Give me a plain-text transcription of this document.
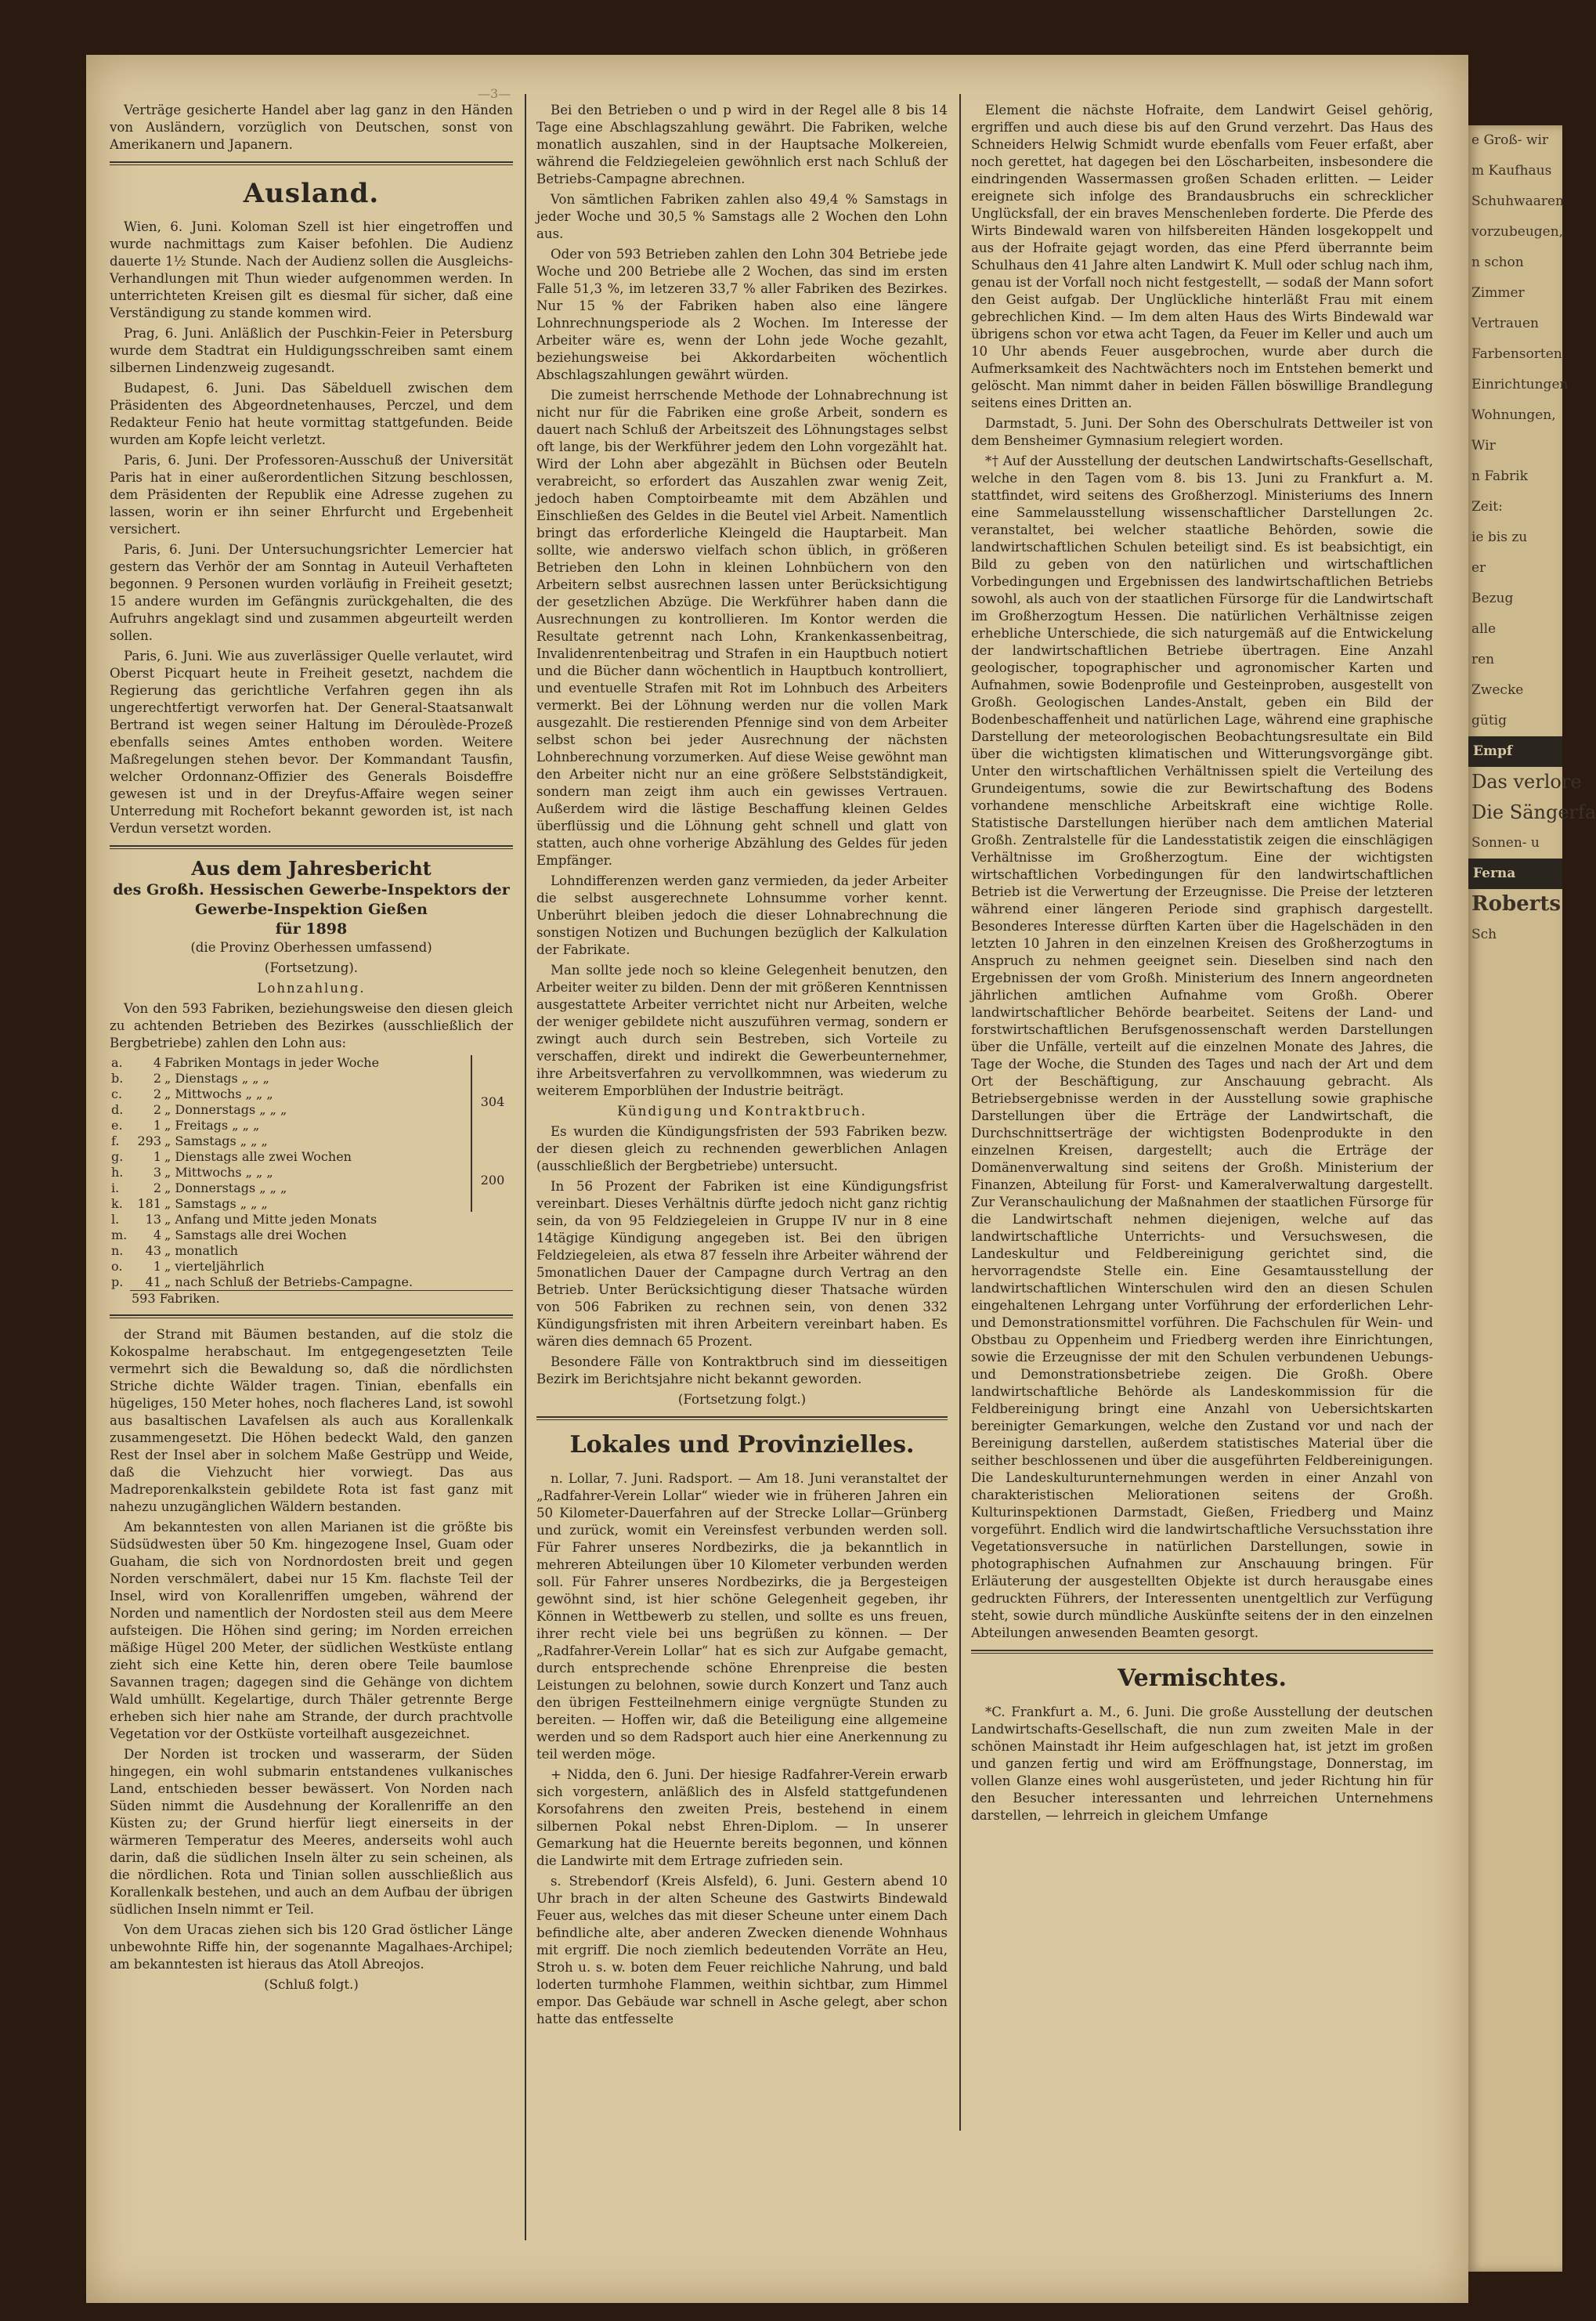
—3—

Verträge gesicherte Handel aber lag ganz in den Händen von Ausländern, vorzüglich von Deutschen, sonst von Amerikanern und Japanern.

Ausland.

Wien, 6. Juni. Koloman Szell ist hier eingetroffen und wurde nachmittags zum Kaiser befohlen. Die Audienz dauerte 1½ Stunde. Nach der Audienz sollen die Ausgleichs-Verhandlungen mit Thun wieder aufgenommen werden. In unterrichteten Kreisen gilt es diesmal für sicher, daß eine Verständigung zu stande kommen wird.

Prag, 6. Juni. Anläßlich der Puschkin-Feier in Petersburg wurde dem Stadtrat ein Huldigungsschreiben samt einem silbernen Lindenzweig zugesandt.

Budapest, 6. Juni. Das Säbelduell zwischen dem Präsidenten des Abgeordnetenhauses, Perczel, und dem Redakteur Fenio hat heute vormittag stattgefunden. Beide wurden am Kopfe leicht verletzt.

Paris, 6. Juni. Der Professoren-Ausschuß der Universität Paris hat in einer außerordentlichen Sitzung beschlossen, dem Präsidenten der Republik eine Adresse zugehen zu lassen, worin er ihn seiner Ehrfurcht und Ergebenheit versichert.

Paris, 6. Juni. Der Untersuchungsrichter Lemercier hat gestern das Verhör der am Sonntag in Auteuil Verhafteten begonnen. 9 Personen wurden vorläufig in Freiheit gesetzt; 15 andere wurden im Gefängnis zurückgehalten, die des Aufruhrs angeklagt sind und zusammen abgeurteilt werden sollen.

Paris, 6. Juni. Wie aus zuverlässiger Quelle verlautet, wird Oberst Picquart heute in Freiheit gesetzt, nachdem die Regierung das gerichtliche Verfahren gegen ihn als ungerechtfertigt verworfen hat. Der General-Staatsanwalt Bertrand ist wegen seiner Haltung im Déroulède-Prozeß ebenfalls seines Amtes enthoben worden. Weitere Maßregelungen stehen bevor. Der Kommandant Tausfin, welcher Ordonnanz-Offizier des Generals Boisdeffre gewesen ist und in der Dreyfus-Affaire wegen seiner Unterredung mit Rochefort bekannt geworden ist, ist nach Verdun versetzt worden.

Aus dem Jahresbericht
des Großh. Hessischen Gewerbe-Inspektors der Gewerbe-Inspektion Gießen
für 1898

(die Provinz Oberhessen umfassend)

(Fortsetzung).

Lohnzahlung.

Von den 593 Fabriken, beziehungsweise den diesen gleich zu achtenden Betrieben des Bezirkes (ausschließlich der Bergbetriebe) zahlen den Lohn aus:

a.	4	Fabriken Montags in jeder Woche	304
b.	2	„ Dienstags „ „ „	
c.	2	„ Mittwochs „ „ „	
d.	2	„ Donnerstags „ „ „	
e.	1	„ Freitags „ „ „	
f.	293	„ Samstags „ „ „	
g.	1	„ Dienstags alle zwei Wochen	200
h.	3	„ Mittwochs „ „ „	
i.	2	„ Donnerstags „ „ „	
k.	181	„ Samstags „ „ „	
l.	13	„ Anfang und Mitte jeden Monats	
m.	4	„ Samstags alle drei Wochen	
n.	43	„ monatlich	
o.	1	„ vierteljährlich	
p.	41	„ nach Schluß der Betriebs-Campagne.	
	593 Fabriken.		

der Strand mit Bäumen bestanden, auf die stolz die Kokospalme herabschaut. Im entgegengesetzten Teile vermehrt sich die Bewaldung so, daß die nördlichsten Striche dichte Wälder tragen. Tinian, ebenfalls ein hügeliges, 150 Meter hohes, noch flacheres Land, ist sowohl aus basaltischen Lavafelsen als auch aus Korallenkalk zusammengesetzt. Die Höhen bedeckt Wald, den ganzen Rest der Insel aber in solchem Maße Gestrüpp und Weide, daß die Viehzucht hier vorwiegt. Das aus Madreporenkalkstein gebildete Rota ist fast ganz mit nahezu unzugänglichen Wäldern bestanden.

Am bekanntesten von allen Marianen ist die größte bis Südsüdwesten über 50 Km. hingezogene Insel, Guam oder Guaham, die sich von Nordnordosten breit und gegen Norden verschmälert, dabei nur 15 Km. flachste Teil der Insel, wird von Korallenriffen umgeben, während der Norden und namentlich der Nordosten steil aus dem Meere aufsteigen. Die Höhen sind gering; im Norden erreichen mäßige Hügel 200 Meter, der südlichen Westküste entlang zieht sich eine Kette hin, deren obere Teile baumlose Savannen tragen; dagegen sind die Gehänge von dichtem Wald umhüllt. Kegelartige, durch Thäler getrennte Berge erheben sich hier nahe am Strande, der durch prachtvolle Vegetation vor der Ostküste vorteilhaft ausgezeichnet.

Der Norden ist trocken und wasserarm, der Süden hingegen, ein wohl submarin entstandenes vulkanisches Land, entschieden besser bewässert. Von Norden nach Süden nimmt die Ausdehnung der Korallenriffe an den Küsten zu; der Grund hierfür liegt einerseits in der wärmeren Temperatur des Meeres, anderseits wohl auch darin, daß die südlichen Inseln älter zu sein scheinen, als die nördlichen. Rota und Tinian sollen ausschließlich aus Korallenkalk bestehen, und auch an dem Aufbau der übrigen südlichen Inseln nimmt er Teil.

Von dem Uracas ziehen sich bis 120 Grad östlicher Länge unbewohnte Riffe hin, der sogenannte Magalhaes-Archipel; am bekanntesten ist hieraus das Atoll Abreojos.

(Schluß folgt.)

Bei den Betrieben o und p wird in der Regel alle 8 bis 14 Tage eine Abschlagszahlung gewährt. Die Fabriken, welche monatlich auszahlen, sind in der Hauptsache Molkereien, während die Feldziegeleien gewöhnlich erst nach Schluß der Betriebs-Campagne abrechnen.

Von sämtlichen Fabriken zahlen also 49,4 % Samstags in jeder Woche und 30,5 % Samstags alle 2 Wochen den Lohn aus.

Oder von 593 Betrieben zahlen den Lohn 304 Betriebe jede Woche und 200 Betriebe alle 2 Wochen, das sind im ersten Falle 51,3 %, im letzeren 33,7 % aller Fabriken des Bezirkes. Nur 15 % der Fabriken haben also eine längere Lohnrechnungsperiode als 2 Wochen. Im Interesse der Arbeiter wäre es, wenn der Lohn jede Woche gezahlt, beziehungsweise bei Akkordarbeiten wöchentlich Abschlagszahlungen gewährt würden.

Die zumeist herrschende Methode der Lohnabrechnung ist nicht nur für die Fabriken eine große Arbeit, sondern es dauert nach Schluß der Arbeitszeit des Löhnungstages selbst oft lange, bis der Werkführer jedem den Lohn vorgezählt hat. Wird der Lohn aber abgezählt in Büchsen oder Beuteln verabreicht, so erfordert das Auszahlen zwar wenig Zeit, jedoch haben Comptoirbeamte mit dem Abzählen und Einschließen des Geldes in die Beutel viel Arbeit. Namentlich bringt das erforderliche Kleingeld die Hauptarbeit. Man sollte, wie anderswo vielfach schon üblich, in größeren Betrieben den Lohn in kleinen Lohnbüchern von den Arbeitern selbst ausrechnen lassen unter Berücksichtigung der gesetzlichen Abzüge. Die Werkführer haben dann die Ausrechnungen zu kontrollieren. Im Kontor werden die Resultate getrennt nach Lohn, Krankenkassenbeitrag, Invalidenrentenbeitrag und Strafen in ein Hauptbuch notiert und die Bücher dann wöchentlich in Hauptbuch kontrolliert, und eventuelle Strafen mit Rot im Lohnbuch des Arbeiters vermerkt. Bei der Löhnung werden nur die vollen Mark ausgezahlt. Die restierenden Pfennige sind von dem Arbeiter selbst schon bei jeder Ausrechnung der nächsten Lohnberechnung vorzumerken. Auf diese Weise gewöhnt man den Arbeiter nicht nur an eine größere Selbstständigkeit, sondern man zeigt ihm auch ein gewisses Vertrauen. Außerdem wird die lästige Beschaffung kleinen Geldes überflüssig und die Löhnung geht schnell und glatt von statten, auch ohne vorherige Abzählung des Geldes für jeden Empfänger.

Lohndifferenzen werden ganz vermieden, da jeder Arbeiter die selbst ausgerechnete Lohnsumme vorher kennt. Unberührt bleiben jedoch die dieser Lohnabrechnung die sonstigen Notizen und Buchungen bezüglich der Kalkulation der Fabrikate.

Man sollte jede noch so kleine Gelegenheit benutzen, den Arbeiter weiter zu bilden. Denn der mit größeren Kenntnissen ausgestattete Arbeiter verrichtet nicht nur Arbeiten, welche der weniger gebildete nicht auszuführen vermag, sondern er zwingt auch durch sein Bestreben, sich Vorteile zu verschaffen, direkt und indirekt die Gewerbeunternehmer, ihre Arbeitsverfahren zu vervollkommnen, was wiederum zu weiterem Emporblühen der Industrie beiträgt.

Kündigung und Kontraktbruch.

Es wurden die Kündigungsfristen der 593 Fabriken bezw. der diesen gleich zu rechnenden gewerblichen Anlagen (ausschließlich der Bergbetriebe) untersucht.

In 56 Prozent der Fabriken ist eine Kündigungsfrist vereinbart. Dieses Verhältnis dürfte jedoch nicht ganz richtig sein, da von 95 Feldziegeleien in Gruppe IV nur in 8 eine 14tägige Kündigung angegeben ist. Bei den übrigen Feldziegeleien, als etwa 87 fesseln ihre Arbeiter während der 5monatlichen Dauer der Campagne durch Vertrag an den Betrieb. Unter Berücksichtigung dieser Thatsache würden von 506 Fabriken zu rechnen sein, von denen 332 Kündigungsfristen mit ihren Arbeitern vereinbart haben. Es wären dies demnach 65 Prozent.

Besondere Fälle von Kontraktbruch sind im diesseitigen Bezirk im Berichtsjahre nicht bekannt geworden.

(Fortsetzung folgt.)

Lokales und Provinzielles.

n. Lollar, 7. Juni. Radsport. — Am 18. Juni veranstaltet der „Radfahrer-Verein Lollar“ wieder wie in früheren Jahren ein 50 Kilometer-Dauerfahren auf der Strecke Lollar—Grünberg und zurück, womit ein Vereinsfest verbunden werden soll. Für Fahrer unseres Nordbezirks, die ja bekanntlich in mehreren Abteilungen über 10 Kilometer verbunden werden soll. Für Fahrer unseres Nordbezirks, die ja Bergesteigen gewöhnt sind, ist hier schöne Gelegenheit gegeben, ihr Können in Wettbewerb zu stellen, und sollte es uns freuen, ihrer recht viele bei uns begrüßen zu können. — Der „Radfahrer-Verein Lollar“ hat es sich zur Aufgabe gemacht, durch entsprechende schöne Ehrenpreise die besten Leistungen zu belohnen, sowie durch Konzert und Tanz auch den übrigen Festteilnehmern einige vergnügte Stunden zu bereiten. — Hoffen wir, daß die Beteiligung eine allgemeine werden und so dem Radsport auch hier eine Anerkennung zu teil werden möge.

+ Nidda, den 6. Juni. Der hiesige Radfahrer-Verein erwarb sich vorgestern, anläßlich des in Alsfeld stattgefundenen Korsofahrens den zweiten Preis, bestehend in einem silbernen Pokal nebst Ehren-Diplom. — In unserer Gemarkung hat die Heuernte bereits begonnen, und können die Landwirte mit dem Ertrage zufrieden sein.

s. Strebendorf (Kreis Alsfeld), 6. Juni. Gestern abend 10 Uhr brach in der alten Scheune des Gastwirts Bindewald Feuer aus, welches das mit dieser Scheune unter einem Dach befindliche alte, aber anderen Zwecken dienende Wohnhaus mit ergriff. Die noch ziemlich bedeutenden Vorräte an Heu, Stroh u. s. w. boten dem Feuer reichliche Nahrung, und bald loderten turmhohe Flammen, weithin sichtbar, zum Himmel empor. Das Gebäude war schnell in Asche gelegt, aber schon hatte das entfesselte

Element die nächste Hofraite, dem Landwirt Geisel gehörig, ergriffen und auch diese bis auf den Grund verzehrt. Das Haus des Schneiders Helwig Schmidt wurde ebenfalls vom Feuer erfaßt, aber noch gerettet, hat dagegen bei den Löscharbeiten, insbesondere die eindringenden Wassermassen großen Schaden erlitten. — Leider ereignete sich infolge des Brandausbruchs ein schrecklicher Unglücksfall, der ein braves Menschenleben forderte. Die Pferde des Wirts Bindewald waren von hilfsbereiten Händen losgekoppelt und aus der Hofraite gejagt worden, das eine Pferd überrannte beim Schulhaus den 41 Jahre alten Landwirt K. Mull oder schlug nach ihm, genau ist der Vorfall noch nicht festgestellt, — sodaß der Mann sofort den Geist aufgab. Der Unglückliche hinterläßt Frau mit einem gebrechlichen Kind. — Im dem alten Haus des Wirts Bindewald war übrigens schon vor etwa acht Tagen, da Feuer im Keller und auch um 10 Uhr abends Feuer ausgebrochen, wurde aber durch die Aufmerksamkeit des Nachtwächters noch im Entstehen bemerkt und gelöscht. Man nimmt daher in beiden Fällen böswillige Brandlegung seitens eines Dritten an.

Darmstadt, 5. Juni. Der Sohn des Oberschulrats Dettweiler ist von dem Bensheimer Gymnasium relegiert worden.

*† Auf der Ausstellung der deutschen Landwirtschafts-Gesellschaft, welche in den Tagen vom 8. bis 13. Juni zu Frankfurt a. M. stattfindet, wird seitens des Großherzogl. Ministeriums des Innern eine Sammelausstellung wissenschaftlicher Darstellungen 2c. veranstaltet, bei welcher staatliche Behörden, sowie die landwirtschaftlichen Schulen beteiligt sind. Es ist beabsichtigt, ein Bild zu geben von den natürlichen und wirtschaftlichen Vorbedingungen und Ergebnissen des landwirtschaftlichen Betriebs sowohl, als auch von der staatlichen Fürsorge für die Landwirtschaft im Großherzogtum Hessen. Die natürlichen Verhältnisse zeigen erhebliche Unterschiede, die sich naturgemäß auf die Entwickelung der landwirtschaftlichen Betriebe übertragen. Eine Anzahl geologischer, topographischer und agronomischer Karten und Aufnahmen, sowie Bodenprofile und Gesteinproben, ausgestellt von Großh. Geologischen Landes-Anstalt, geben ein Bild der Bodenbeschaffenheit und natürlichen Lage, während eine graphische Darstellung der meteorologischen Beobachtungsresultate ein Bild über die wichtigsten klimatischen und Witterungsvorgänge gibt. Unter den wirtschaftlichen Verhältnissen spielt die Verteilung des Grundeigentums, sowie die zur Bewirtschaftung des Bodens vorhandene menschliche Arbeitskraft eine wichtige Rolle. Statistische Darstellungen hierüber nach dem amtlichen Material Großh. Zentralstelle für die Landesstatistik zeigen die einschlägigen Verhältnisse im Großherzogtum. Eine der wichtigsten wirtschaftlichen Vorbedingungen für den landwirtschaftlichen Betrieb ist die Verwertung der Erzeugnisse. Die Preise der letzteren während einer längeren Periode sind graphisch dargestellt. Besonderes Interesse dürften Karten über die Hagelschäden in den letzten 10 Jahren in den einzelnen Kreisen des Großherzogtums in Anspruch zu nehmen geeignet sein. Dieselben sind nach den Ergebnissen der vom Großh. Ministerium des Innern angeordneten jährlichen amtlichen Aufnahme vom Großh. Oberer landwirtschaftlicher Behörde bearbeitet. Seitens der Land- und forstwirtschaftlichen Berufsgenossenschaft werden Darstellungen über die Unfälle, verteilt auf die einzelnen Monate des Jahres, die Tage der Woche, die Stunden des Tages und nach der Art und dem Ort der Beschäftigung, zur Anschauung gebracht. Als Betriebsergebnisse werden in der Ausstellung sowie graphische Darstellungen über die Erträge der Landwirtschaft, die Durchschnittserträge der wichtigsten Bodenprodukte in den einzelnen Kreisen, dargestellt; auch die Erträge der Domänenverwaltung sind seitens der Großh. Ministerium der Finanzen, Abteilung für Forst- und Kameralverwaltung dargestellt. Zur Veranschaulichung der Maßnahmen der staatlichen Fürsorge für die Landwirtschaft nehmen diejenigen, welche auf das landwirtschaftliche Unterrichts- und Versuchswesen, die Landeskultur und Feldbereinigung gerichtet sind, die hervorragendste Stelle ein. Eine Gesamtausstellung der landwirtschaftlichen Winterschulen wird den an diesen Schulen eingehaltenen Lehrgang unter Vorführung der erforderlichen Lehr- und Demonstrationsmittel vorführen. Die Fachschulen für Wein- und Obstbau zu Oppenheim und Friedberg werden ihre Einrichtungen, sowie die Erzeugnisse der mit den Schulen verbundenen Uebungs- und Demonstrationsbetriebe zeigen. Die Großh. Obere landwirtschaftliche Behörde als Landeskommission für die Feldbereinigung bringt eine Anzahl von Uebersichtskarten bereinigter Gemarkungen, welche den Zustand vor und nach der Bereinigung darstellen, außerdem statistisches Material über die seither beschlossenen und über die ausgeführten Feldbereinigungen. Die Landeskulturunternehmungen werden in einer Anzahl von charakteristischen Meliorationen seitens der Großh. Kulturinspektionen Darmstadt, Gießen, Friedberg und Mainz vorgeführt. Endlich wird die landwirtschaftliche Versuchsstation ihre Vegetationsversuche in natürlichen Darstellungen, sowie in photographischen Aufnahmen zur Anschauung bringen. Für Erläuterung der ausgestellten Objekte ist durch herausgabe eines gedruckten Führers, der Interessenten unentgeltlich zur Verfügung steht, sowie durch mündliche Auskünfte seitens der in den einzelnen Abteilungen anwesenden Beamten gesorgt.

Vermischtes.

*C. Frankfurt a. M., 6. Juni. Die große Ausstellung der deutschen Landwirtschafts-Gesellschaft, die nun zum zweiten Male in der schönen Mainstadt ihr Heim aufgeschlagen hat, ist jetzt im großen und ganzen fertig und wird am Eröffnungstage, Donnerstag, im vollen Glanze eines wohl ausgerüsteten, und jeder Richtung hin für den Besucher interessanten und lehrreichen Unternehmens darstellen, — lehrreich in gleichem Umfange

e Groß- wir
m Kaufhaus
Schuhwaaren
vorzubeugen,
n schon
Zimmer
Vertrauen
Farbensorten
Einrichtungen
Wohnungen,
Wir
n Fabrik
Zeit:
ie bis zu
er
Bezug
alle
ren
Zwecke
gütig
Empf
Das verlore
Die Sängerfa
Sonnen- u
Ferna
Roberts
Sch
